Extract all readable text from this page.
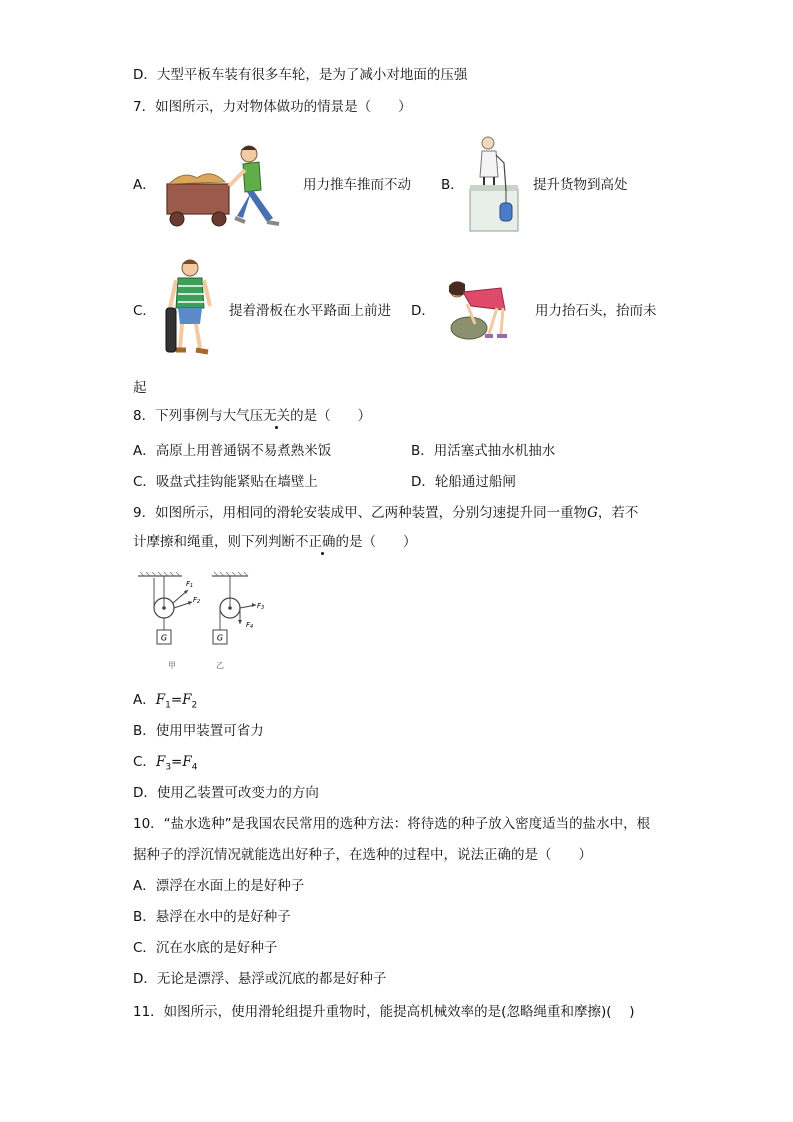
D．大型平板车装有很多车轮，是为了减小对地面的压强
7．如图所示，力对物体做功的情景是（　　）
A．	用力推车推而不动 B．	提升货物到高处
C．	提着滑板在水平路面上前进 D．	用力抬石头，抬而未
起
8．下列事例与大气压无关的是（　　）
A．高原上用普通锅不易煮熟米饭	B．用活塞式抽水机抽水
C．吸盘式挂钩能紧贴在墙壁上	D．轮船通过船闸
9．如图所示，用相同的滑轮安装成甲、乙两种装置，分别匀速提升同一重物G，若不
计摩擦和绳重，则下列判断不正确的是（　　）
G
F1
F2
G
F3
F4
甲	乙
A．$F_1=F_2$
B．使用甲装置可省力
C．$F_3=F_4$
D．使用乙装置可改变力的方向
10．“盐水选种”是我国农民常用的选种方法：将待选的种子放入密度适当的盐水中，根
据种子的浮沉情况就能选出好种子，在选种的过程中，说法正确的是（　　）
A．漂浮在水面上的是好种子
B．悬浮在水中的是好种子
C．沉在水底的是好种子
D．无论是漂浮、悬浮或沉底的都是好种子
11．如图所示，使用滑轮组提升重物时，能提高机械效率的是(忽略绳重和摩擦)(　 )
